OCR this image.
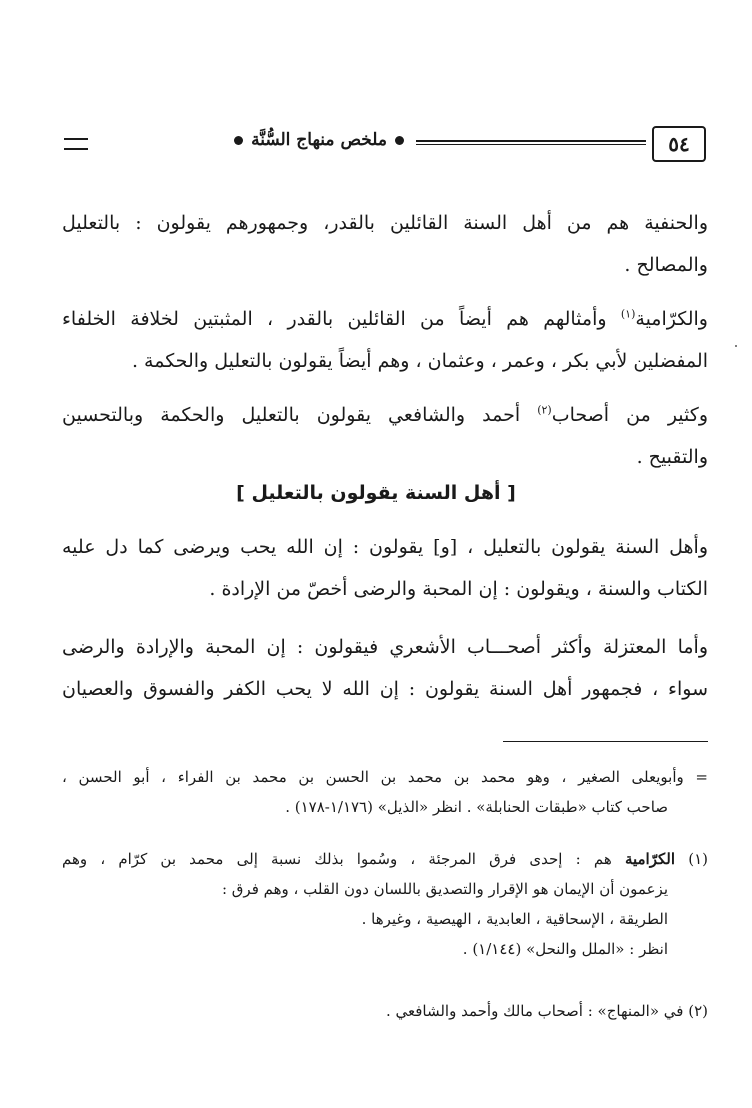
٥٤
ملخص منهاج السُّنَّة
والحنفية هم من أهل السنة القائلين بالقدر، وجمهورهم يقولون : بالتعليل
والمصالح .
والكرّامية$^{(١)}$ وأمثالهم هم أيضاً من القائلين بالقدر ، المثبتين لخلافة الخلفاء
المفضلين لأبي بكر ، وعمر ، وعثمان ، وهم أيضاً يقولون بالتعليل والحكمة .
وكثير من أصحاب$^{(٢)}$ أحمد والشافعي يقولون بالتعليل والحكمة وبالتحسين
والتقبيح .
[ أهل السنة يقولون بالتعليل ]
وأهل السنة يقولون بالتعليل ، [و] يقولون : إن الله يحب ويرضى كما دل عليه
الكتاب والسنة ، ويقولون : إن المحبة والرضى أخصّ من الإرادة .
وأما المعتزلة وأكثر أصحـــاب الأشعري فيقولون : إن المحبة والإرادة والرضى
سواء ، فجمهور أهل السنة يقولون : إن الله لا يحب الكفر والفسوق والعصيان
= وأبويعلى الصغير ، وهو محمد بن محمد بن الحسن بن محمد بن الفراء ، أبو الحسن ،
صاحب كتاب «طبقات الحنابلة» . انظر «الذيل» (١/١٧٦-١٧٨) .
(١) الكرّامية هم : إحدى فرق المرجئة ، وسُموا بذلك نسبة إلى محمد بن كرّام ، وهم
يزعمون أن الإيمان هو الإقرار والتصديق باللسان دون القلب ، وهم فرق :
الطريقة ، الإسحاقية ، العابدية ، الهيصية ، وغيرها .
انظر : «الملل والنحل» (١/١٤٤) .
(٢) في «المنهاج» : أصحاب مالك وأحمد والشافعي .
